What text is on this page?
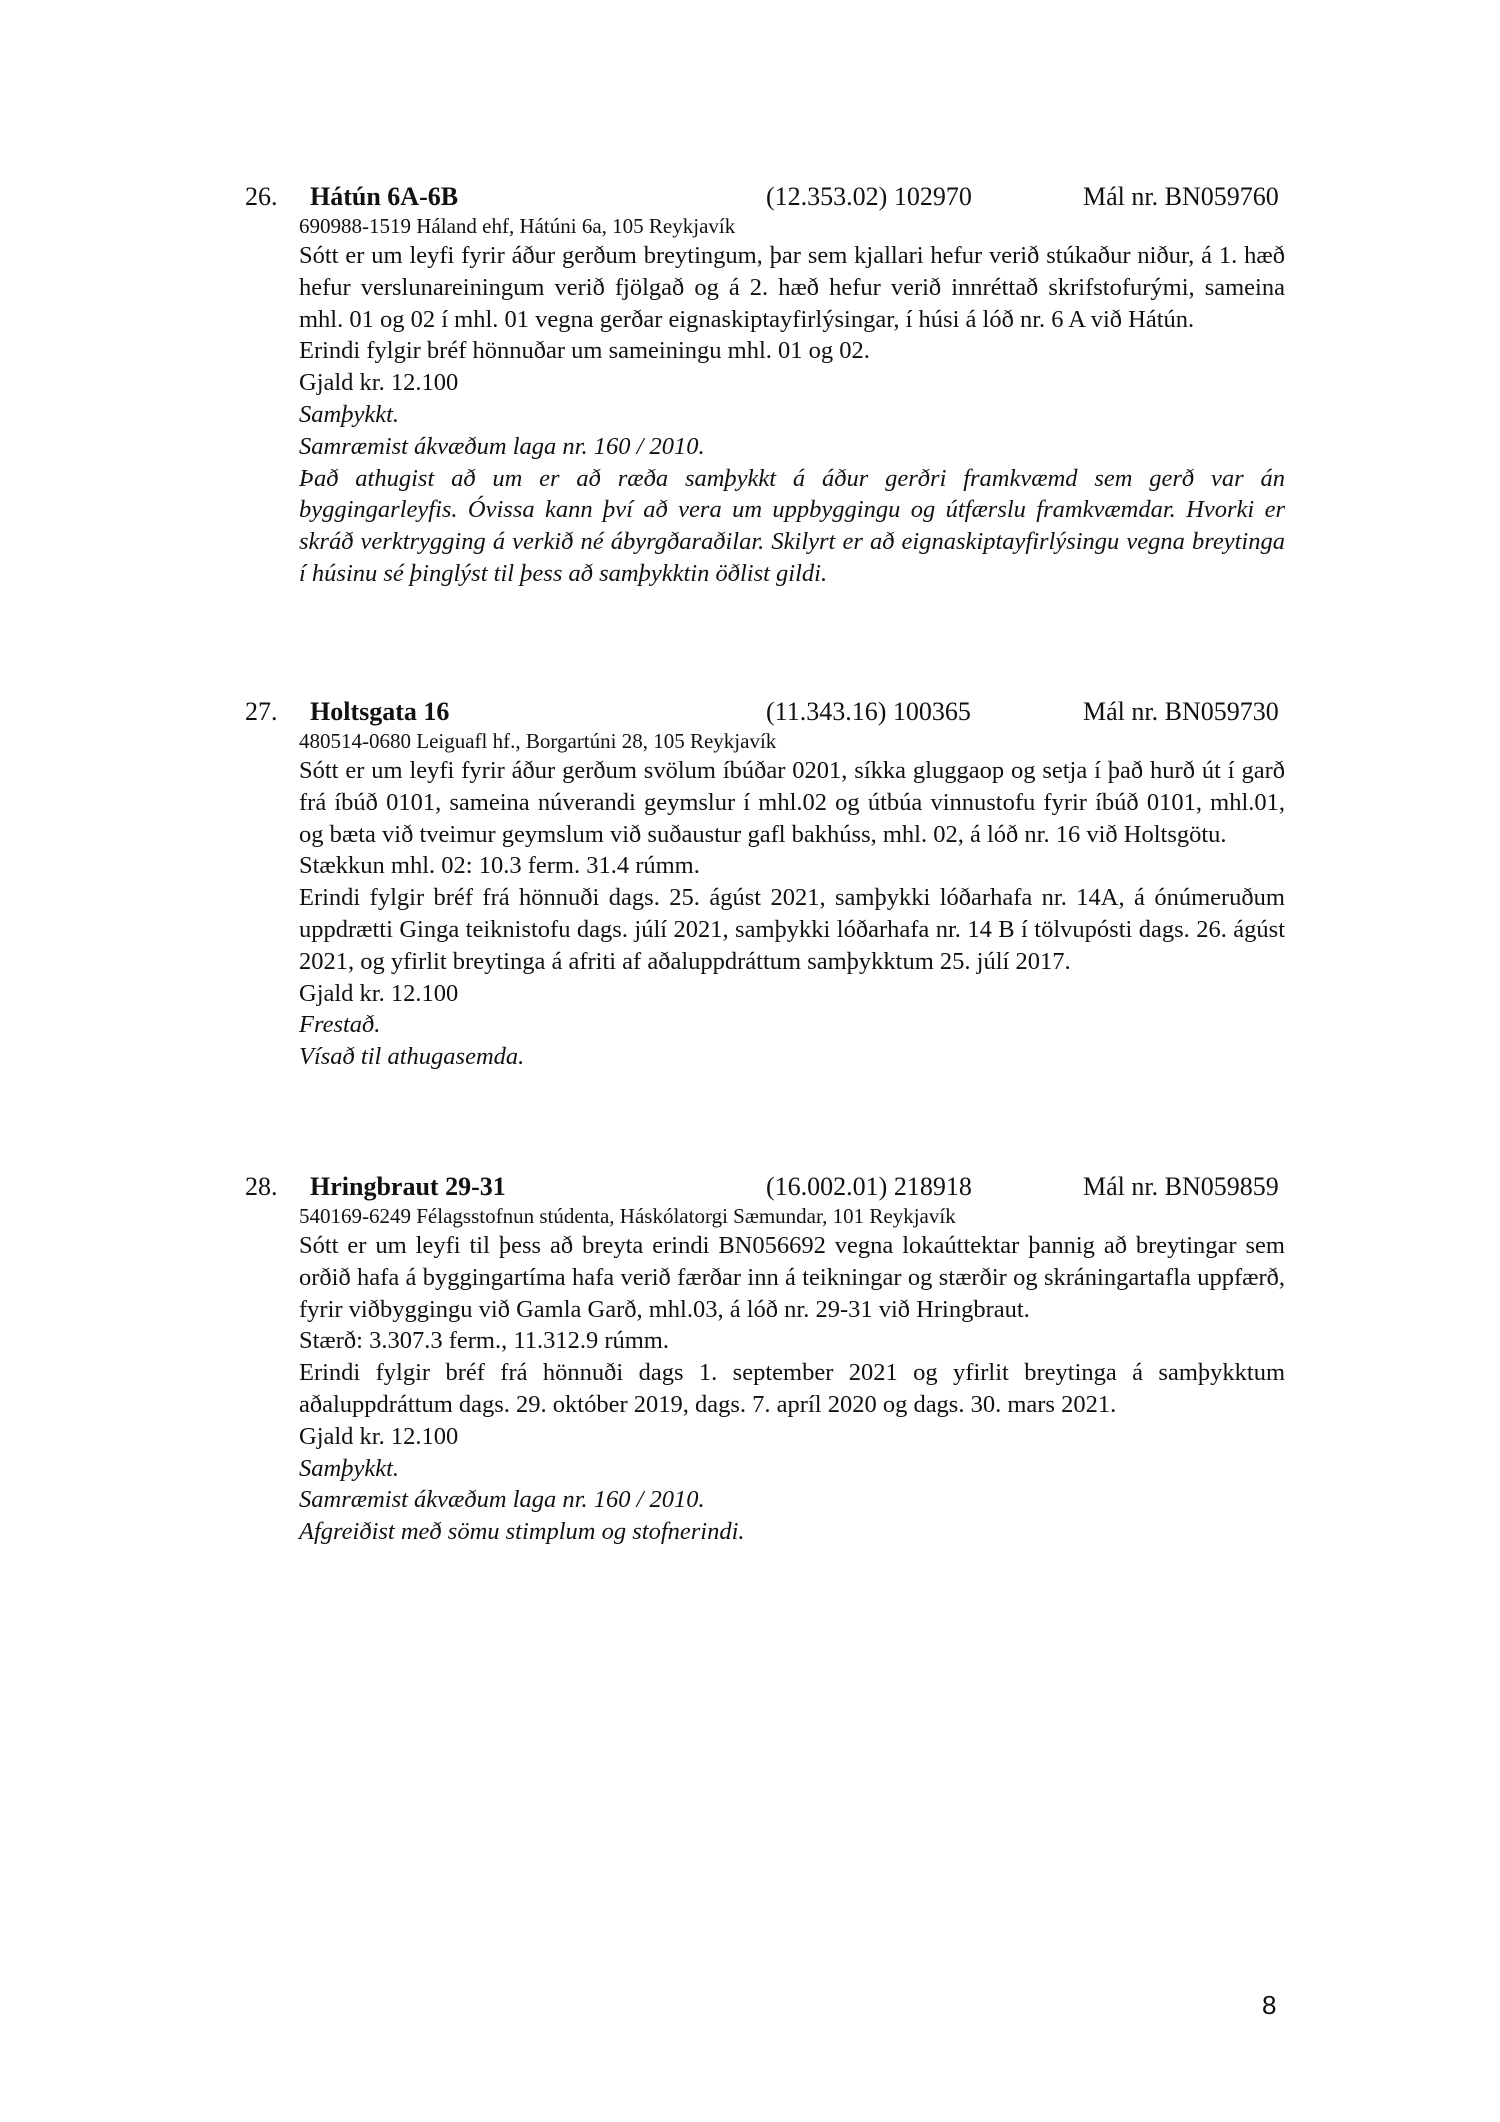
26. Hátún 6A-6B	(12.353.02) 102970	Mál nr. BN059760
690988-1519 Háland ehf, Hátúni 6a, 105 Reykjavík
Sótt er um leyfi fyrir áður gerðum breytingum, þar sem kjallari hefur verið stúkaður niður, á 1. hæð hefur verslunareiningum verið fjölgað og á 2. hæð hefur verið innréttað skrifstofurými, sameina mhl. 01 og 02 í mhl. 01 vegna gerðar eignaskiptayfirlýsingar, í húsi á lóð nr. 6 A við Hátún.
Erindi fylgir bréf hönnuðar um sameiningu mhl. 01 og 02.
Gjald kr. 12.100
Samþykkt.
Samræmist ákvæðum laga nr. 160 / 2010.
Það athugist að um er að ræða samþykkt á áður gerðri framkvæmd sem gerð var án byggingarleyfis. Óvissa kann því að vera um uppbyggingu og útfærslu framkvæmdar. Hvorki er skráð verktrygging á verkið né ábyrgðaraðilar. Skilyrt er að eignaskiptayfirlýsingu vegna breytinga í húsinu sé þinglýst til þess að samþykktin öðlist gildi.
27. Holtsgata 16	(11.343.16) 100365	Mál nr. BN059730
480514-0680 Leiguafl hf., Borgartúni 28, 105 Reykjavík
Sótt er um leyfi fyrir áður gerðum svölum íbúðar 0201, síkka gluggaop og setja í það hurð út í garð frá íbúð 0101, sameina núverandi geymslur í mhl.02 og útbúa vinnustofu fyrir íbúð 0101, mhl.01, og bæta við tveimur geymslum við suðaustur gafl bakhúss, mhl. 02, á lóð nr. 16 við Holtsgötu.
Stækkun mhl. 02: 10.3 ferm. 31.4 rúmm.
Erindi fylgir bréf frá hönnuði dags. 25. ágúst 2021, samþykki lóðarhafa nr. 14A, á ónúmeruðum uppdrætti Ginga teiknistofu dags. júlí 2021, samþykki lóðarhafa nr. 14 B í tölvupósti dags. 26. ágúst 2021, og yfirlit breytinga á afriti af aðaluppdráttum samþykktum 25. júlí 2017.
Gjald kr. 12.100
Frestað.
Vísað til athugasemda.
28. Hringbraut 29-31	(16.002.01) 218918	Mál nr. BN059859
540169-6249 Félagsstofnun stúdenta, Háskólatorgi Sæmundar, 101 Reykjavík
Sótt er um leyfi til þess að breyta erindi BN056692 vegna lokaúttektar þannig að breytingar sem orðið hafa á byggingartíma hafa verið færðar inn á teikningar og stærðir og skráningartafla uppfærð, fyrir viðbyggingu við Gamla Garð, mhl.03, á lóð nr. 29-31 við Hringbraut.
Stærð: 3.307.3 ferm., 11.312.9 rúmm.
Erindi fylgir bréf frá hönnuði dags 1. september 2021 og yfirlit breytinga á samþykktum aðaluppdráttum dags. 29. október 2019, dags. 7. apríl 2020 og dags. 30. mars 2021.
Gjald kr. 12.100
Samþykkt.
Samræmist ákvæðum laga nr. 160 / 2010.
Afgreiðist með sömu stimplum og stofnerindi.
8
